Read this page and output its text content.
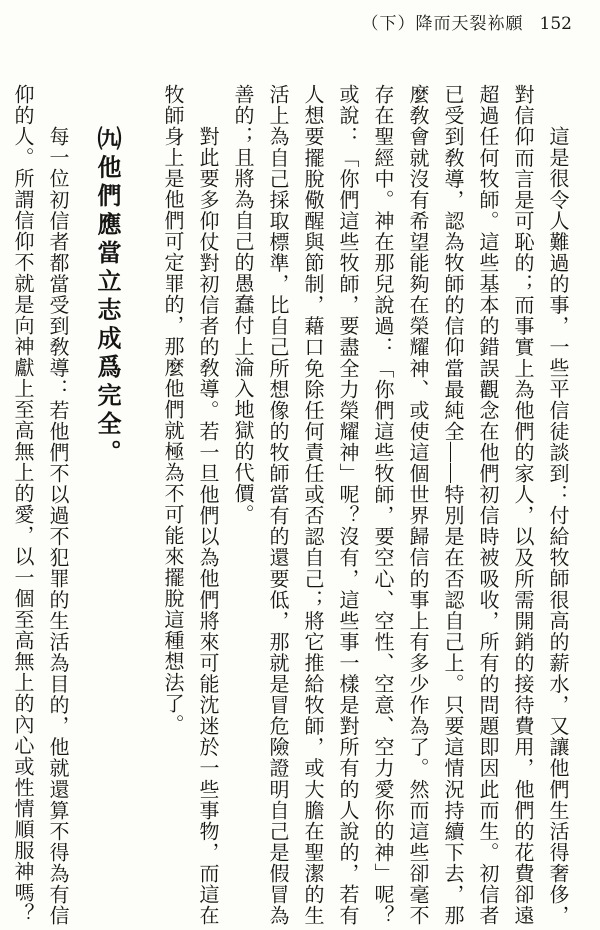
（下）降而天裂袮願 152

這是很令人難過的事，一些平信徒談到：付給牧師很高的薪水，又讓他們生活得奢侈，對信仰而言是可恥的；而事實上為他們的家人，以及所需開銷的接待費用，他們的花費卻遠超過任何牧師。這些基本的錯誤觀念在他們初信時被吸收，所有的問題即因此而生。初信者已受到敎導，認為牧師的信仰當最純全——特別是在否認自己上。只要這情況持續下去，那麼敎會就沒有希望能夠在榮耀神、或使這個世界歸信的事上有多少作為了。然而這些卻毫不存在聖經中。神在那兒說過：「你們這些牧師，要空心、空性、空意、空力愛你的神」呢？或說：「你們這些牧師，要盡全力榮耀神」呢？沒有，這些事一樣是對所有的人說的，若有人想要擺脫儆醒與節制，藉口免除任何責任或否認自己；將它推給牧師，或大膽在聖潔的生活上為自己採取標準，比自己所想像的牧師當有的還要低，那就是冒危險證明自己是假冒為善的；且將為自己的愚蠢付上淪入地獄的代價。

對此要多仰仗對初信者的敎導。若一旦他們以為他們將來可能沈迷於一些事物，而這在牧師身上是他們可定罪的，那麼他們就極為不可能來擺脫這種想法了。

㈨他們應當立志成爲完全。

每一位初信者都當受到敎導：若他們不以過不犯罪的生活為目的，他就還算不得為有信仰的人。所謂信仰不就是向神獻上至高無上的愛，以一個至高無上的內心或性情順服神嗎？
